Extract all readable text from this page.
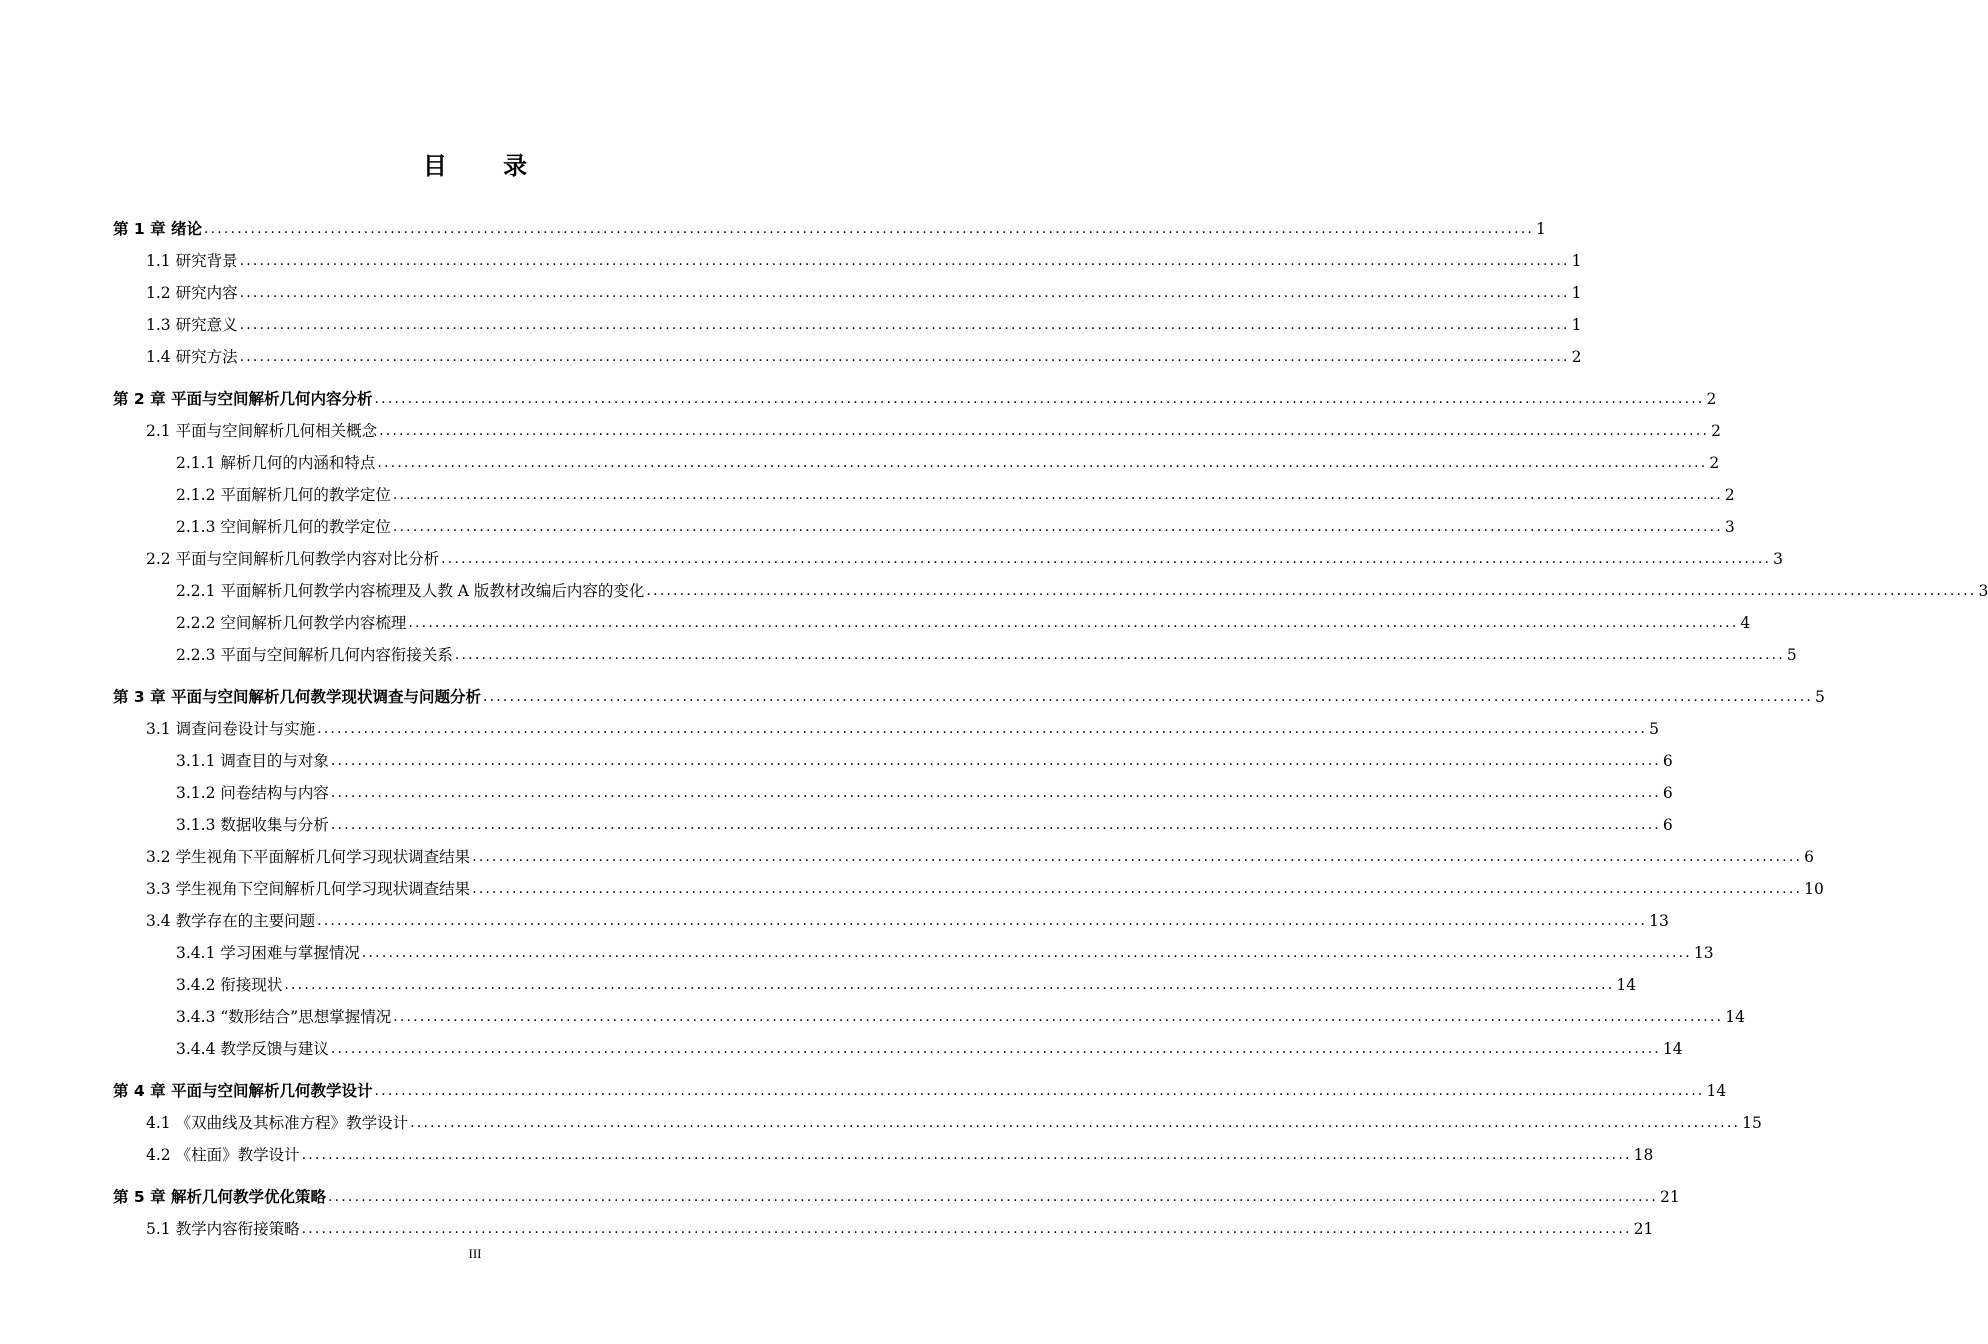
目 录
第 1 章 绪论 ........................................................................................................................................................................................................ 1
1.1 研究背景 ........................................................................................................................................................................................................ 1
1.2 研究内容 ........................................................................................................................................................................................................ 1
1.3 研究意义 ........................................................................................................................................................................................................ 1
1.4 研究方法 ........................................................................................................................................................................................................ 2
第 2 章 平面与空间解析几何内容分析 ........................................................................................................................................................................................................ 2
2.1 平面与空间解析几何相关概念 ........................................................................................................................................................................................................ 2
2.1.1 解析几何的内涵和特点 ........................................................................................................................................................................................................ 2
2.1.2 平面解析几何的教学定位 ........................................................................................................................................................................................................ 2
2.1.3 空间解析几何的教学定位 ........................................................................................................................................................................................................ 3
2.2 平面与空间解析几何教学内容对比分析 ........................................................................................................................................................................................................ 3
2.2.1 平面解析几何教学内容梳理及人教 A 版教材改编后内容的变化 ........................................................................................................................................................................................................ 3
2.2.2 空间解析几何教学内容梳理 ........................................................................................................................................................................................................ 4
2.2.3 平面与空间解析几何内容衔接关系 ........................................................................................................................................................................................................ 5
第 3 章 平面与空间解析几何教学现状调查与问题分析 ........................................................................................................................................................................................................ 5
3.1 调查问卷设计与实施 ........................................................................................................................................................................................................ 5
3.1.1 调查目的与对象 ........................................................................................................................................................................................................ 6
3.1.2 问卷结构与内容 ........................................................................................................................................................................................................ 6
3.1.3 数据收集与分析 ........................................................................................................................................................................................................ 6
3.2 学生视角下平面解析几何学习现状调查结果 ........................................................................................................................................................................................................ 6
3.3 学生视角下空间解析几何学习现状调查结果 ........................................................................................................................................................................................................ 10
3.4 教学存在的主要问题 ........................................................................................................................................................................................................ 13
3.4.1 学习困难与掌握情况 ........................................................................................................................................................................................................ 13
3.4.2 衔接现状 ........................................................................................................................................................................................................ 14
3.4.3 “数形结合”思想掌握情况 ........................................................................................................................................................................................................ 14
3.4.4 教学反馈与建议 ........................................................................................................................................................................................................ 14
第 4 章 平面与空间解析几何教学设计 ........................................................................................................................................................................................................ 14
4.1 《双曲线及其标准方程》教学设计 ........................................................................................................................................................................................................ 15
4.2 《柱面》教学设计 ........................................................................................................................................................................................................ 18
第 5 章 解析几何教学优化策略 ........................................................................................................................................................................................................ 21
5.1 教学内容衔接策略 ........................................................................................................................................................................................................ 21
III
